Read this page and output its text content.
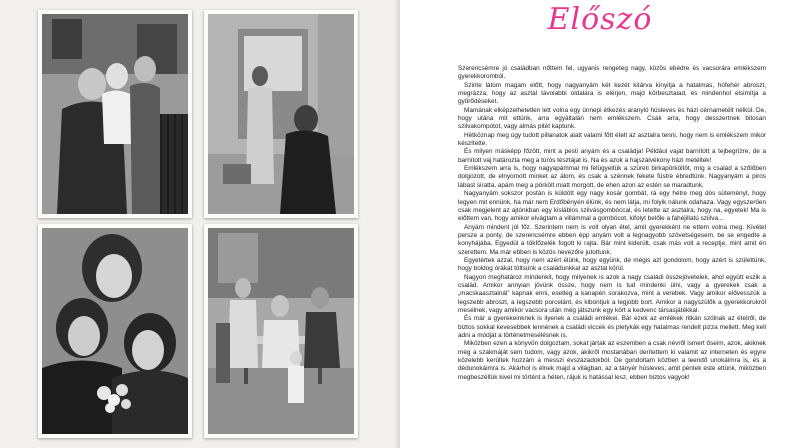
Előszó

Szerencsémre jó családban nőttem fel, ugyanis rengeteg nagy, közös ebédre és vacsorára emlékszem gyerekkoromból.

Szinte látom magam előtt, hogy nagyanyám két kezét kitárva kinyitja a hatalmas, hófehér abroszt, megrázza, hogy az asztal távolabbi oldalára is elérjen, majd körbesztalad, és mindenhol elsimítja a gyűrődéseket.

Mamának elképzelhetetlen lett volna egy ünnepi étkezés aranyló húsleves és házi cérnametélt nélkül. De, hogy utána mit ettünk, arra egyáltalán nem emlékszem. Csak arra, hogy desszertnek bitosan szilvakompótot, vagy almás pitét kaptunk.

Hétköznap meg úgy tudott pillanatok alatt valami főtt ételt az asztalra tenni, hogy nem is emlékszem mikor készítette.

És milyen másképp főzött, mint a pesti anyám és a családja! Például vajat barnított a tejbegrízre, de a barnított vaj határozta meg a túrós tésztájat is. Na és azok a hajszálvékony házi metéltek!

Emlékszem arra is, hogy nagyapámmal mi felügyeltük a szüreti birkapörköltöt, míg a család a szőlőben dolgozott, de elnyomott minket az álom, és csak a szénnek fekete füstre ébredtünk. Nagyanyám a piros lábast siratta, apám meg a pörkölt miatt morgott, de ehen azon az estén se maradtunk.

Nagyanyám sokszor postán is küldött egy nagy kosár gombát, rá egy hétre meg dós süteményt, hogy legyen mit ennünk, ha már nem Erdőbényén élünk, és nem látja, mi folyik nálunk odahaza. Vagy egyszerűen csak megjelent az ajtónkban egy kisláblos szilvásgombóccal, és letette az asztalra, hogy na, egyetek! Ma is előttem van, hogy amikor elvágtam a villámmal a gombócot, kifolyt belőle a fahéjillatú sziilva...

Anyám mindent jól főz. Szerintem nem is volt olyan étel, amit gyerekként ne ettem volna meg. Kivétel persze a ponty, de szerencsémre ebben épp anyám volt a legnagyobb szövetségesem, be se engedte a konyhájába. Egyedül a tökfőzelék fogott ki rajta. Bár mint kiderült, csak más volt a receptje, mint amit én szerettem. Ma már ebben is közös nevezőre jutottunk.

Egyetértek azzal, hogy nem azért élünk, hogy együnk, de mégis azt gondolom, hogy azért is születtünk, hogy boldog órákat töltsünk a családunkkal az asztal körül.

Nagyon meghatároz mindenkit, hogy milyenek is azok a nagy családi összejövetelek, ahol együtt eszik a család. Amikor annyian jövünk össze, hogy nem is tud mindenki ülni, vagy a gyerekek csak a „macskaasztalnál” kapnak enni, esetleg a kanapén sorakozva, mint a verebek. Vagy amikor elővesszük a legszebb abroszt, a legszebb porcelánt, és kibontjuk a legjobb bort. Amikor a nagyszülők a gyerekkorukról mesélnek, vagy amikor vacsora után még játszunk egy kört a kedvenc társasjátékkal.

És már a gyerekeinknek is ilyenek a családi emlékei. Bár ezek az emlékek ritkán szólnak az ételről, de biztos sokkal kevesebbek lennének a családi viccek és pletykák egy hatalmas rendelt pizza mellett. Meg kell adni a módját a történetmesélésnek is.

Miközben ezen a könyvön dolgoztam, sokat jártak az eszemben a csak névről ismert őseim, azok, akiknek még a szakmáját sem tudom, vagy azok, akikről mostanában derítettem ki valamit az interneten és egyre közelebb kerültek hozzám a messzi évszázadokból. De gondoltam közben a leendő unokáimra is, és a dédunokáimra is. Akárhol is élnek majd a világban, az a tányér húsleves, amit péntek este ettünk, miközben megbeszéltük kivel mi történt a héten, rájuk is hatással lesz, ebben biztos vagyok!
